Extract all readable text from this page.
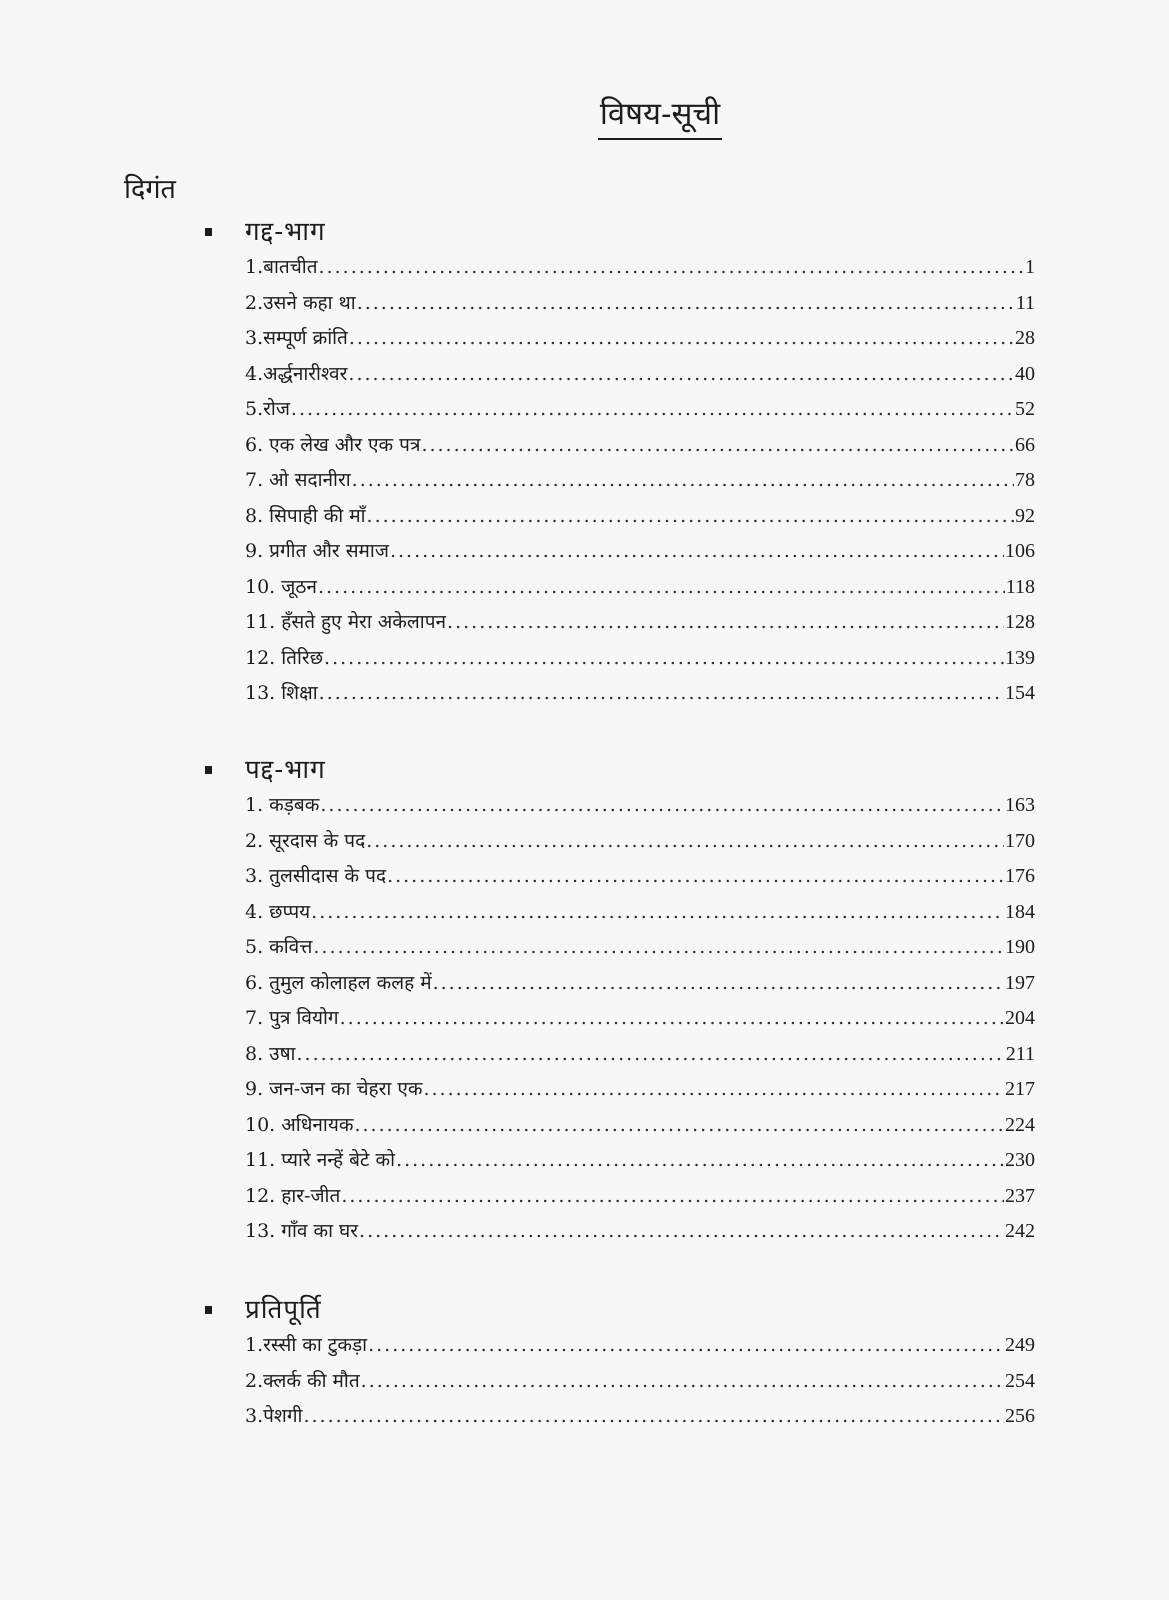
विषय-सूची
दिगंत
गद्द-भाग
1.बातचीत .....	1
2.उसने कहा था .....	11
3.सम्पूर्ण क्रांति .....	28
4.अर्द्धनारीश्वर .....	40
5.रोज .....	52
6. एक लेख और एक पत्र .....	66
7. ओ सदानीरा .....	78
8. सिपाही की माँ .....	92
9. प्रगीत और समाज .....	106
10. जूठन .....	118
11. हँसते हुए मेरा अकेलापन .....	128
12. तिरिछ .....	139
13. शिक्षा .....	154
पद्द-भाग
1. कड़बक .....	163
2. सूरदास के पद .....	170
3. तुलसीदास के पद .....	176
4. छप्पय .....	184
5. कवित्त .....	190
6. तुमुल कोलाहल कलह में .....	197
7. पुत्र वियोग .....	204
8. उषा .....	211
9. जन-जन का चेहरा एक .....	217
10. अधिनायक .....	224
11. प्यारे नन्हें बेटे को .....	230
12. हार-जीत .....	237
13. गाँव का घर .....	242
प्रतिपूर्ति
1.रस्सी का टुकड़ा .....	249
2.क्लर्क की मौत .....	254
3.पेशगी .....	256
